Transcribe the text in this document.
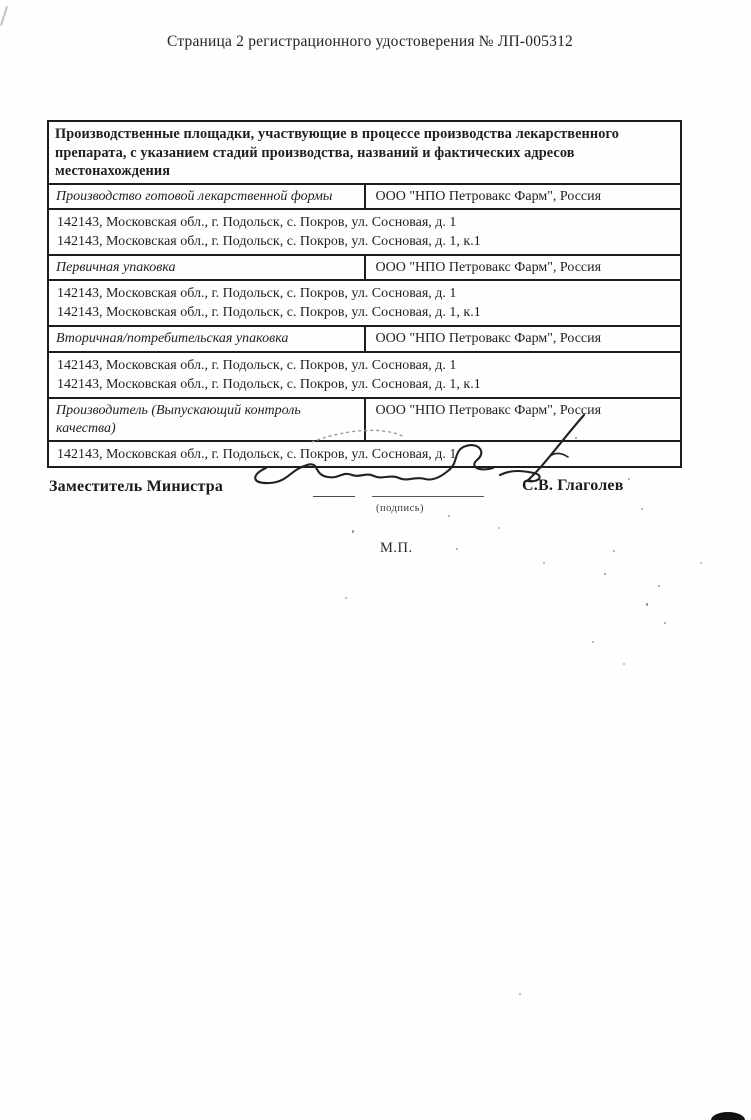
Страница 2 регистрационного удостоверения № ЛП-005312
Производственные площадки, участвующие в процессе производства лекарственного
препарата, с указанием стадий производства, названий и фактических адресов
местонахождения	

Производство готовой лекарственной формы	ООО "НПО Петровакс Фарм", Россия

142143, Московская обл., г. Подольск, с. Покров, ул. Сосновая, д. 1
142143, Московская обл., г. Подольск, с. Покров, ул. Сосновая, д. 1, к.1	

Первичная упаковка	ООО "НПО Петровакс Фарм", Россия

142143, Московская обл., г. Подольск, с. Покров, ул. Сосновая, д. 1
142143, Московская обл., г. Подольск, с. Покров, ул. Сосновая, д. 1, к.1	

Вторичная/потребительская упаковка	ООО "НПО Петровакс Фарм", Россия

142143, Московская обл., г. Подольск, с. Покров, ул. Сосновая, д. 1
142143, Московская обл., г. Подольск, с. Покров, ул. Сосновая, д. 1, к.1	

Производитель (Выпускающий контроль
качества)	ООО "НПО Петровакс Фарм", Россия

142143, Московская обл., г. Подольск, с. Покров, ул. Сосновая, д. 1	
Заместитель Министра
(подпись)
С.В. Глаголев
М.П.
